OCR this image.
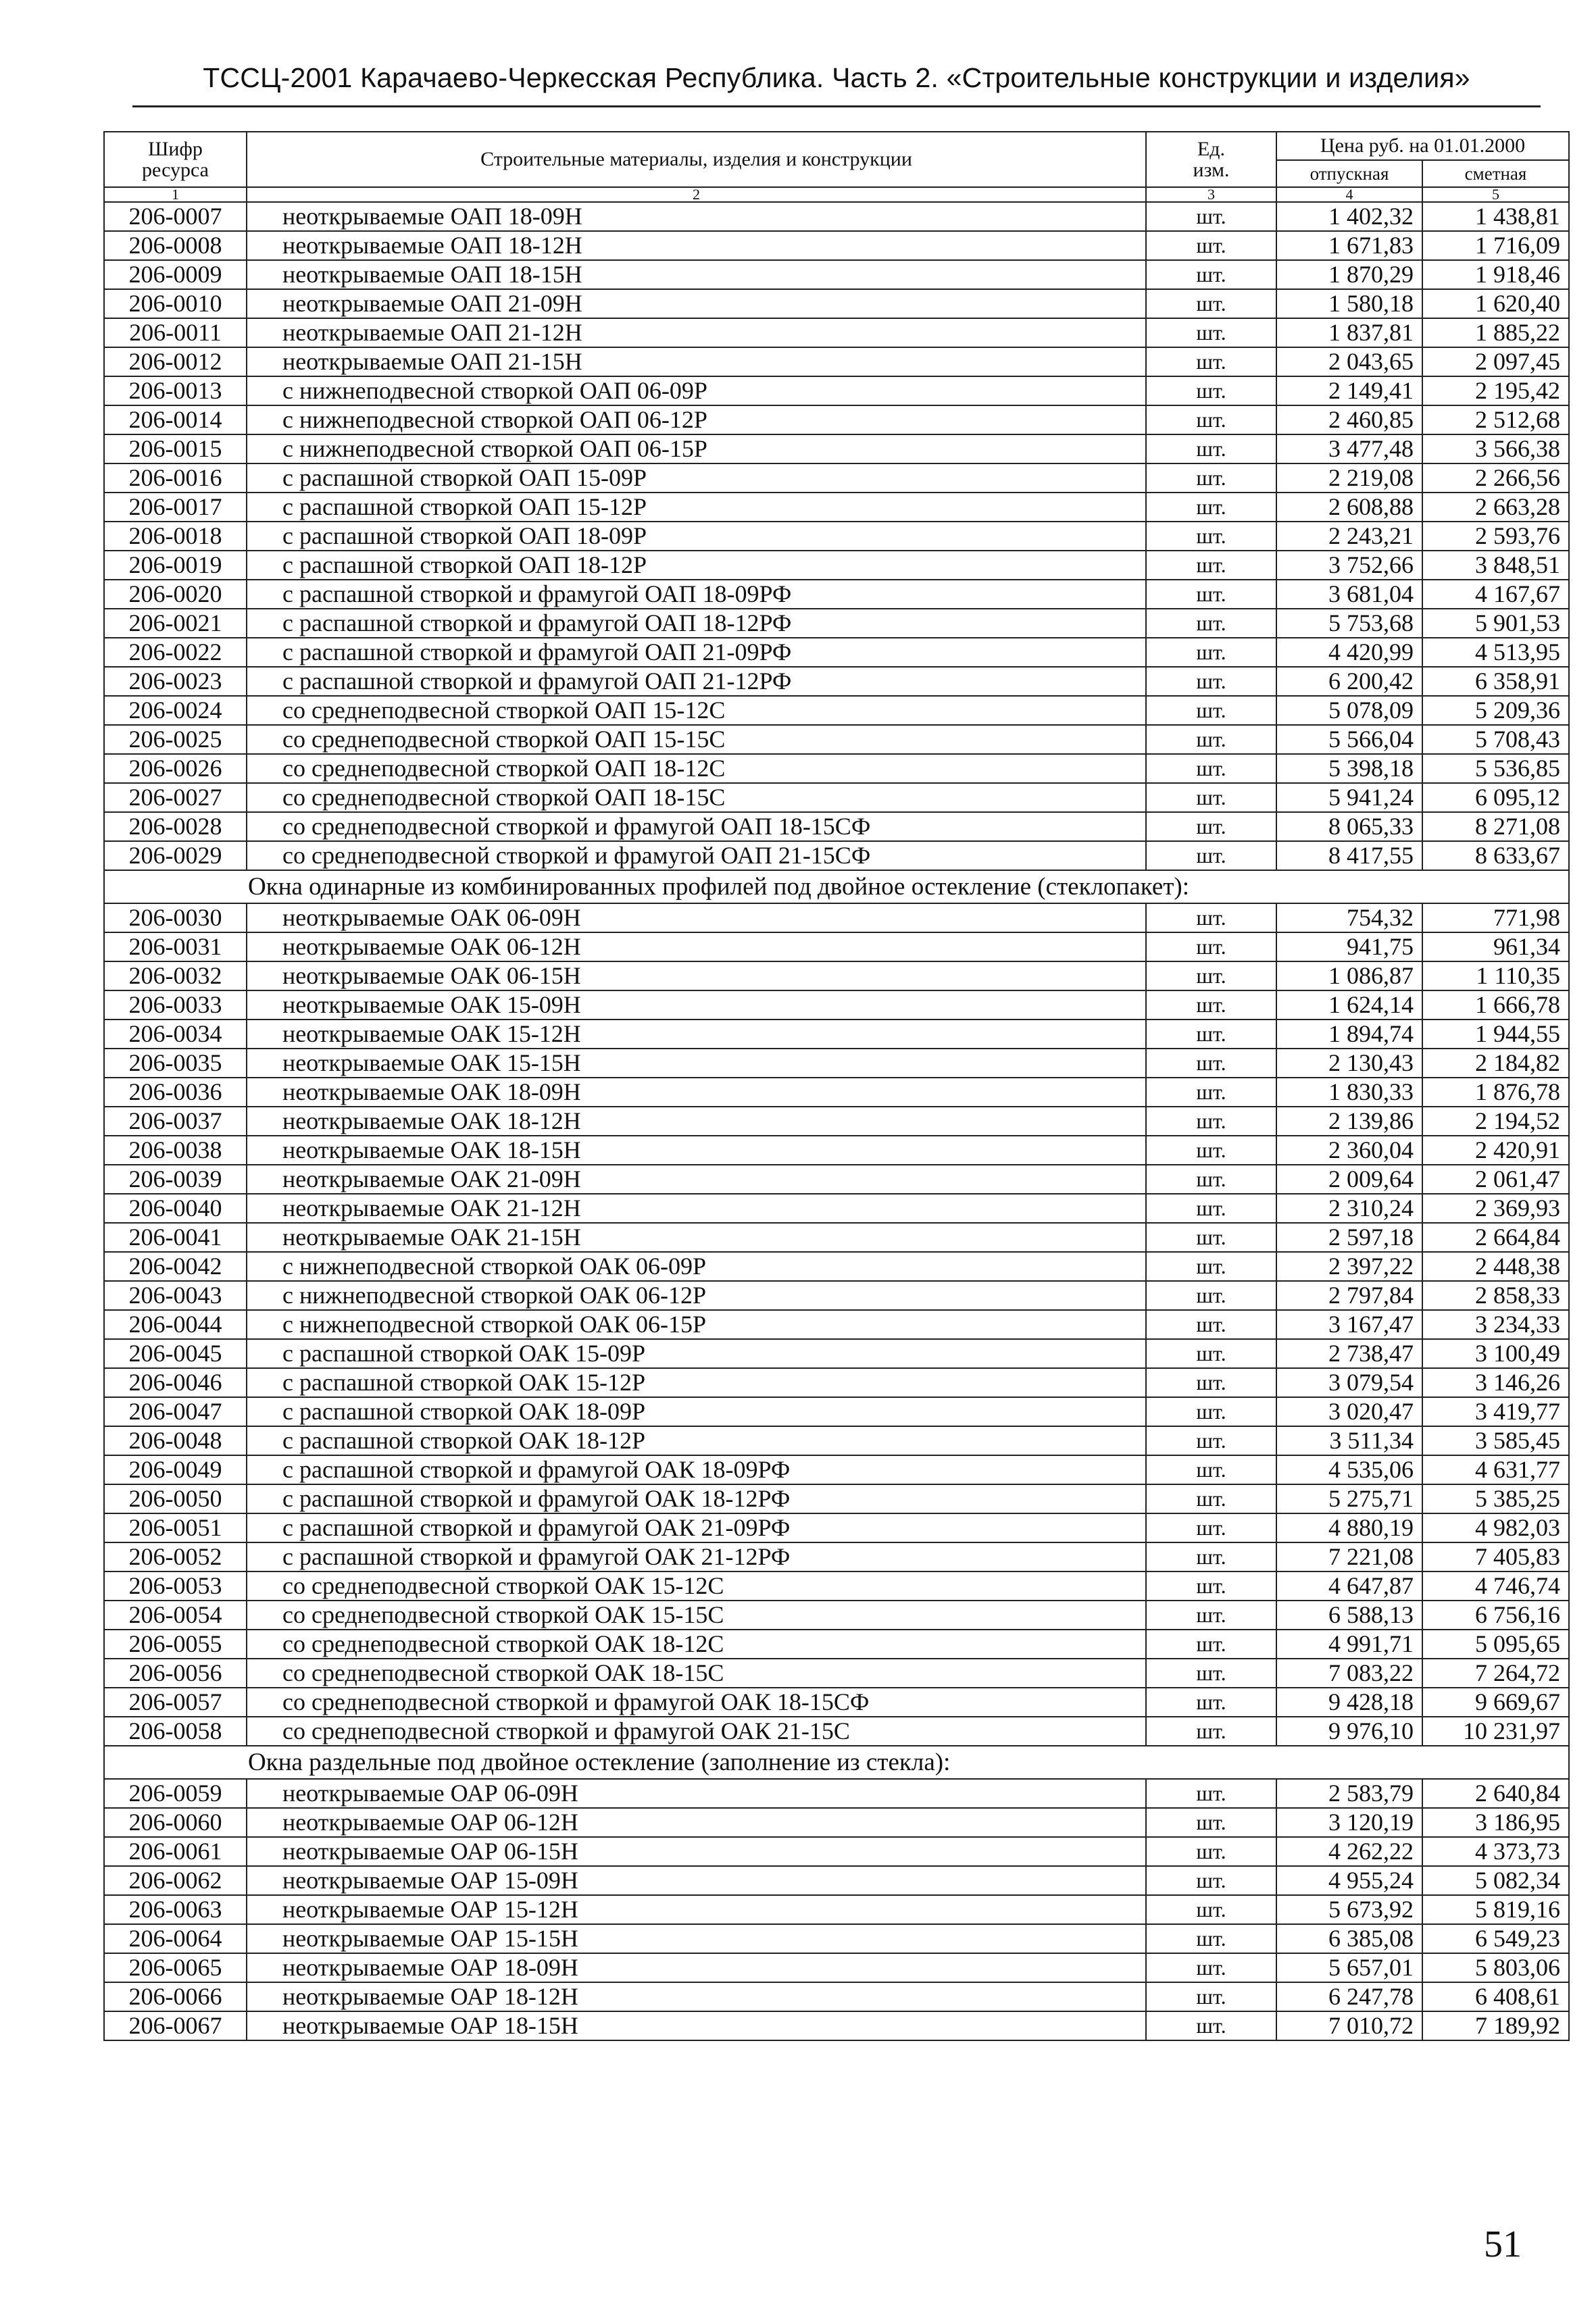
ТССЦ-2001 Карачаево-Черкесская Республика. Часть 2. «Строительные конструкции и изделия»
Шифр
ресурса	Строительные материалы, изделия и конструкции	Ед.
изм.	Цена руб. на 01.01.2000	
			отпускная	сметная
1	2	3	4	5
206-0007	неоткрываемые ОАП 18-09Н	шт.	1 402,32	1 438,81
206-0008	неоткрываемые ОАП 18-12Н	шт.	1 671,83	1 716,09
206-0009	неоткрываемые ОАП 18-15Н	шт.	1 870,29	1 918,46
206-0010	неоткрываемые ОАП 21-09Н	шт.	1 580,18	1 620,40
206-0011	неоткрываемые ОАП 21-12Н	шт.	1 837,81	1 885,22
206-0012	неоткрываемые ОАП 21-15Н	шт.	2 043,65	2 097,45
206-0013	с нижнеподвесной створкой ОАП 06-09Р	шт.	2 149,41	2 195,42
206-0014	с нижнеподвесной створкой ОАП 06-12Р	шт.	2 460,85	2 512,68
206-0015	с нижнеподвесной створкой ОАП 06-15Р	шт.	3 477,48	3 566,38
206-0016	с распашной створкой ОАП 15-09Р	шт.	2 219,08	2 266,56
206-0017	с распашной створкой ОАП 15-12Р	шт.	2 608,88	2 663,28
206-0018	с распашной створкой ОАП 18-09Р	шт.	2 243,21	2 593,76
206-0019	с распашной створкой ОАП 18-12Р	шт.	3 752,66	3 848,51
206-0020	с распашной створкой и фрамугой ОАП 18-09РФ	шт.	3 681,04	4 167,67
206-0021	с распашной створкой и фрамугой ОАП 18-12РФ	шт.	5 753,68	5 901,53
206-0022	с распашной створкой и фрамугой ОАП 21-09РФ	шт.	4 420,99	4 513,95
206-0023	с распашной створкой и фрамугой ОАП 21-12РФ	шт.	6 200,42	6 358,91
206-0024	со среднеподвесной створкой ОАП 15-12С	шт.	5 078,09	5 209,36
206-0025	со среднеподвесной створкой ОАП 15-15С	шт.	5 566,04	5 708,43
206-0026	со среднеподвесной створкой ОАП 18-12С	шт.	5 398,18	5 536,85
206-0027	со среднеподвесной створкой ОАП 18-15С	шт.	5 941,24	6 095,12
206-0028	со среднеподвесной створкой и фрамугой ОАП 18-15СФ	шт.	8 065,33	8 271,08
206-0029	со среднеподвесной створкой и фрамугой ОАП 21-15СФ	шт.	8 417,55	8 633,67
Окна одинарные из комбинированных профилей под двойное остекление (стеклопакет):				
206-0030	неоткрываемые ОАК 06-09Н	шт.	754,32	771,98
206-0031	неоткрываемые ОАК 06-12Н	шт.	941,75	961,34
206-0032	неоткрываемые ОАК 06-15Н	шт.	1 086,87	1 110,35
206-0033	неоткрываемые ОАК 15-09Н	шт.	1 624,14	1 666,78
206-0034	неоткрываемые ОАК 15-12Н	шт.	1 894,74	1 944,55
206-0035	неоткрываемые ОАК 15-15Н	шт.	2 130,43	2 184,82
206-0036	неоткрываемые ОАК 18-09Н	шт.	1 830,33	1 876,78
206-0037	неоткрываемые ОАК 18-12Н	шт.	2 139,86	2 194,52
206-0038	неоткрываемые ОАК 18-15Н	шт.	2 360,04	2 420,91
206-0039	неоткрываемые ОАК 21-09Н	шт.	2 009,64	2 061,47
206-0040	неоткрываемые ОАК 21-12Н	шт.	2 310,24	2 369,93
206-0041	неоткрываемые ОАК 21-15Н	шт.	2 597,18	2 664,84
206-0042	с нижнеподвесной створкой ОАК 06-09Р	шт.	2 397,22	2 448,38
206-0043	с нижнеподвесной створкой ОАК 06-12Р	шт.	2 797,84	2 858,33
206-0044	с нижнеподвесной створкой ОАК 06-15Р	шт.	3 167,47	3 234,33
206-0045	с распашной створкой ОАК 15-09Р	шт.	2 738,47	3 100,49
206-0046	с распашной створкой ОАК 15-12Р	шт.	3 079,54	3 146,26
206-0047	с распашной створкой ОАК 18-09Р	шт.	3 020,47	3 419,77
206-0048	с распашной створкой ОАК 18-12Р	шт.	3 511,34	3 585,45
206-0049	с распашной створкой и фрамугой ОАК 18-09РФ	шт.	4 535,06	4 631,77
206-0050	с распашной створкой и фрамугой ОАК 18-12РФ	шт.	5 275,71	5 385,25
206-0051	с распашной створкой и фрамугой ОАК 21-09РФ	шт.	4 880,19	4 982,03
206-0052	с распашной створкой и фрамугой ОАК 21-12РФ	шт.	7 221,08	7 405,83
206-0053	со среднеподвесной створкой ОАК 15-12С	шт.	4 647,87	4 746,74
206-0054	со среднеподвесной створкой ОАК 15-15С	шт.	6 588,13	6 756,16
206-0055	со среднеподвесной створкой ОАК 18-12С	шт.	4 991,71	5 095,65
206-0056	со среднеподвесной створкой ОАК 18-15С	шт.	7 083,22	7 264,72
206-0057	со среднеподвесной створкой и фрамугой ОАК 18-15СФ	шт.	9 428,18	9 669,67
206-0058	со среднеподвесной створкой и фрамугой ОАК 21-15С	шт.	9 976,10	10 231,97
Окна раздельные под двойное остекление (заполнение из стекла):				
206-0059	неоткрываемые ОАР 06-09Н	шт.	2 583,79	2 640,84
206-0060	неоткрываемые ОАР 06-12Н	шт.	3 120,19	3 186,95
206-0061	неоткрываемые ОАР 06-15Н	шт.	4 262,22	4 373,73
206-0062	неоткрываемые ОАР 15-09Н	шт.	4 955,24	5 082,34
206-0063	неоткрываемые ОАР 15-12Н	шт.	5 673,92	5 819,16
206-0064	неоткрываемые ОАР 15-15Н	шт.	6 385,08	6 549,23
206-0065	неоткрываемые ОАР 18-09Н	шт.	5 657,01	5 803,06
206-0066	неоткрываемые ОАР 18-12Н	шт.	6 247,78	6 408,61
206-0067	неоткрываемые ОАР 18-15Н	шт.	7 010,72	7 189,92
51
